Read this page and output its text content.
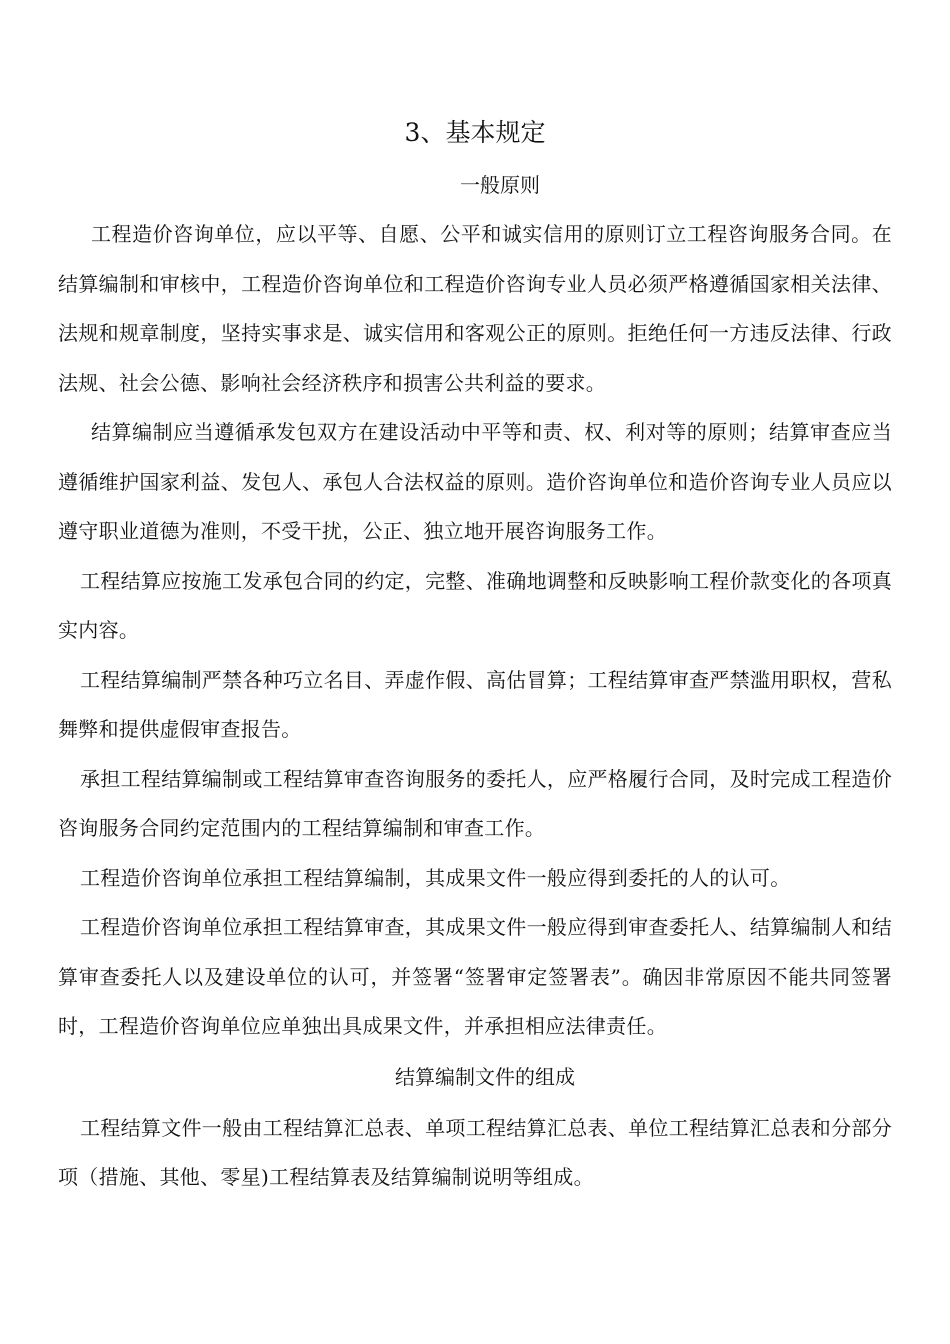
3、基本规定
一般原则

工程造价咨询单位，应以平等、自愿、公平和诚实信用的原则订立工程咨询服务合同。在结算编制和审核中，工程造价咨询单位和工程造价咨询专业人员必须严格遵循国家相关法律、法规和规章制度，坚持实事求是、诚实信用和客观公正的原则。拒绝任何一方违反法律、行政法规、社会公德、影响社会经济秩序和损害公共利益的要求。

结算编制应当遵循承发包双方在建设活动中平等和责、权、利对等的原则；结算审查应当遵循维护国家利益、发包人、承包人合法权益的原则。造价咨询单位和造价咨询专业人员应以遵守职业道德为准则，不受干扰，公正、独立地开展咨询服务工作。

工程结算应按施工发承包合同的约定，完整、准确地调整和反映影响工程价款变化的各项真实内容。

工程结算编制严禁各种巧立名目、弄虚作假、高估冒算；工程结算审查严禁滥用职权，营私舞弊和提供虚假审查报告。

承担工程结算编制或工程结算审查咨询服务的委托人，应严格履行合同，及时完成工程造价咨询服务合同约定范围内的工程结算编制和审查工作。

工程造价咨询单位承担工程结算编制，其成果文件一般应得到委托的人的认可。

工程造价咨询单位承担工程结算审查，其成果文件一般应得到审查委托人、结算编制人和结算审查委托人以及建设单位的认可，并签署“签署审定签署表”。确因非常原因不能共同签署时，工程造价咨询单位应单独出具成果文件，并承担相应法律责任。

结算编制文件的组成

工程结算文件一般由工程结算汇总表、单项工程结算汇总表、单位工程结算汇总表和分部分项（措施、其他、零星)工程结算表及结算编制说明等组成。
